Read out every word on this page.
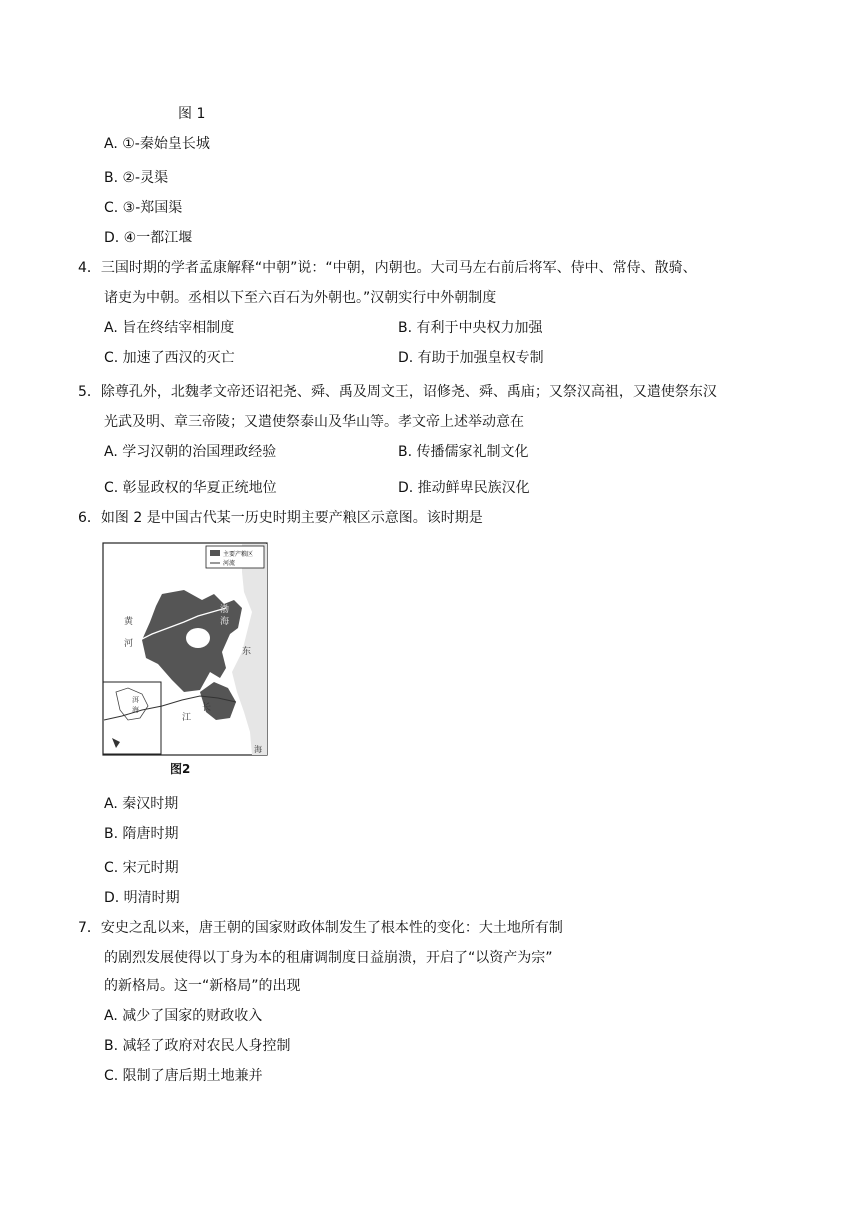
图 1
A. ①-秦始皇长城
B. ②-灵渠
C. ③-郑国渠
D. ④一都江堰
4．三国时期的学者孟康解释“中朝”说：“中朝，内朝也。大司马左右前后将军、侍中、常侍、散骑、
诸吏为中朝。丞相以下至六百石为外朝也。”汉朝实行中外朝制度
A. 旨在终结宰相制度	B. 有利于中央权力加强
C. 加速了西汉的灭亡	D. 有助于加强皇权专制
5．除尊孔外，北魏孝文帝还诏祀尧、舜、禹及周文王，诏修尧、舜、禹庙；又祭汉高祖，又遣使祭东汉
光武及明、章三帝陵；又遣使祭泰山及华山等。孝文帝上述举动意在
A. 学习汉朝的治国理政经验	B. 传播儒家礼制文化
C. 彰显政权的华夏正统地位	D. 推动鲜卑民族汉化
6．如图 2 是中国古代某一历史时期主要产粮区示意图。该时期是
主要产粮区
河流
黄
河
渤
海
东
长
江
海
洱
海
图2
A. 秦汉时期
B. 隋唐时期
C. 宋元时期
D. 明清时期
7．安史之乱以来，唐王朝的国家财政体制发生了根本性的变化：大土地所有制
的剧烈发展使得以丁身为本的租庸调制度日益崩溃，开启了“以资产为宗”
的新格局。这一“新格局”的出现
A. 减少了国家的财政收入
B. 减轻了政府对农民人身控制
C. 限制了唐后期土地兼并
